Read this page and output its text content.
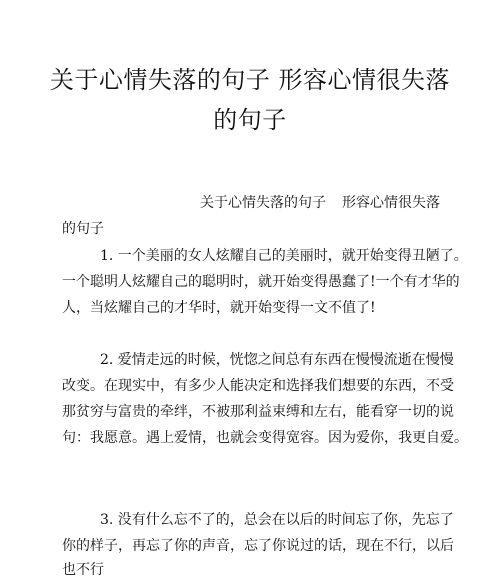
关于心情失落的句子 形容心情很失落
的句子
关于心情失落的句子 形容心情很失落
的句子
1. 一个美丽的女人炫耀自己的美丽时，就开始变得丑陋了。
一个聪明人炫耀自己的聪明时，就开始变得愚蠢了!一个有才华的
人，当炫耀自己的才华时，就开始变得一文不值了!
2. 爱情走远的时候，恍惚之间总有东西在慢慢流逝在慢慢
改变。在现实中，有多少人能决定和选择我们想要的东西，不受
那贫穷与富贵的牵绊，不被那利益束缚和左右，能看穿一切的说
句：我愿意。遇上爱情，也就会变得宽容。因为爱你，我更自爱。
3. 没有什么忘不了的，总会在以后的时间忘了你，先忘了
你的样子，再忘了你的声音，忘了你说过的话，现在不行，以后
也不行
